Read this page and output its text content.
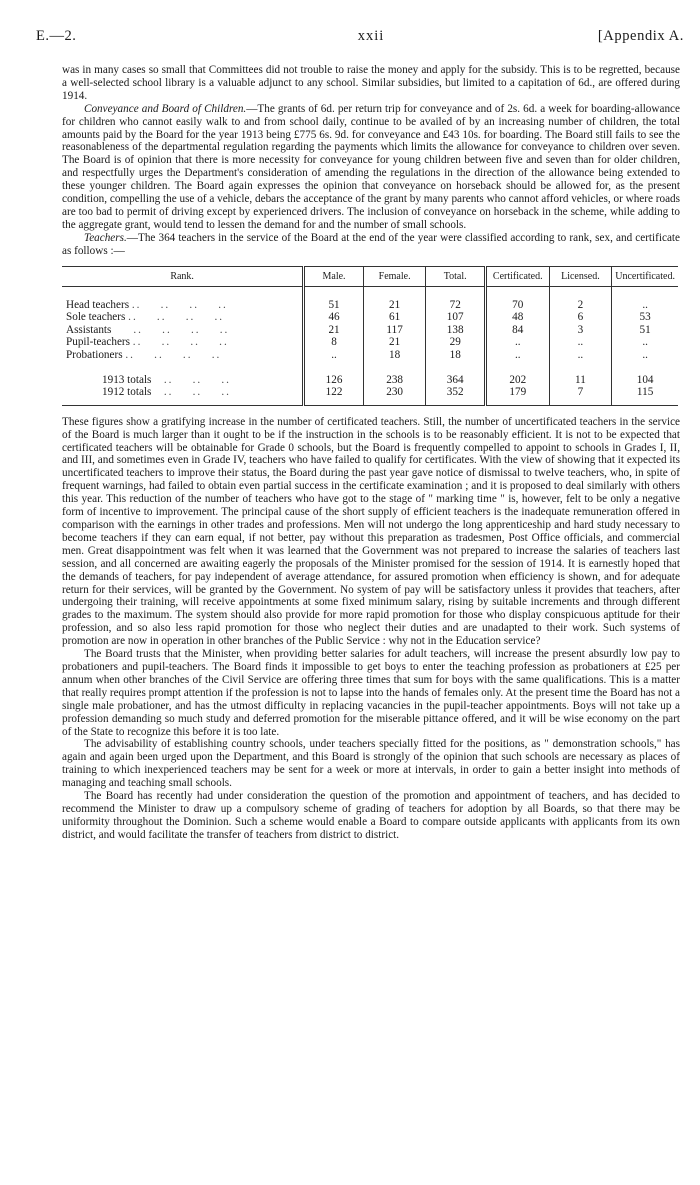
E.—2.	xxii	[Appendix A.

was in many cases so small that Committees did not trouble to raise the money and apply for the subsidy. This is to be regretted, because a well-selected school library is a valuable adjunct to any school. Similar subsidies, but limited to a capitation of 6d., are offered during 1914.

Conveyance and Board of Children.—The grants of 6d. per return trip for conveyance and of 2s. 6d. a week for boarding-allowance for children who cannot easily walk to and from school daily, continue to be availed of by an increasing number of children, the total amounts paid by the Board for the year 1913 being £775 6s. 9d. for conveyance and £43 10s. for boarding. The Board still fails to see the reasonableness of the departmental regulation regarding the payments which limits the allowance for conveyance to children over seven. The Board is of opinion that there is more necessity for conveyance for young children between five and seven than for older children, and respectfully urges the Department's consideration of amending the regulations in the direction of the allowance being extended to these younger children. The Board again expresses the opinion that conveyance on horseback should be allowed for, as the present condition, compelling the use of a vehicle, debars the acceptance of the grant by many parents who cannot afford vehicles, or where roads are too bad to permit of driving except by experienced drivers. The inclusion of conveyance on horseback in the scheme, while adding to the aggregate grant, would tend to lessen the demand for and the number of small schools.

Teachers.—The 364 teachers in the service of the Board at the end of the year were classified according to rank, sex, and certificate as follows :—

Rank.	Male.	Female.	Total.	Certificated.	Licensed.	Uncertificated.

Head teachers ..    ..    ..    ..	51	21	72	70	2	..
Sole teachers ..    ..    ..    ..	46	61	107	48	6	53
Assistants     ..    ..    ..    ..	21	117	138	84	3	51
Pupil-teachers ..    ..    ..    ..	8	21	29	..	..	..
Probationers ..    ..    ..    ..	..	18	18	..	..	..

1913 totals   ..    ..    ..	126	238	364	202	11	104
1912 totals   ..    ..    ..	122	230	352	179	7	115

These figures show a gratifying increase in the number of certificated teachers. Still, the number of uncertificated teachers in the service of the Board is much larger than it ought to be if the instruction in the schools is to be reasonably efficient. It is not to be expected that certificated teachers will be obtainable for Grade 0 schools, but the Board is frequently compelled to appoint to schools in Grades I, II, and III, and sometimes even in Grade IV, teachers who have failed to qualify for certificates. With the view of showing that it expected its uncertificated teachers to improve their status, the Board during the past year gave notice of dismissal to twelve teachers, who, in spite of frequent warnings, had failed to obtain even partial success in the certificate examination ; and it is proposed to deal similarly with others this year. This reduction of the number of teachers who have got to the stage of " marking time " is, however, felt to be only a negative form of incentive to improvement. The principal cause of the short supply of efficient teachers is the inadequate remuneration offered in comparison with the earnings in other trades and professions. Men will not undergo the long apprenticeship and hard study necessary to become teachers if they can earn equal, if not better, pay without this preparation as tradesmen, Post Office officials, and commercial men. Great disappointment was felt when it was learned that the Government was not prepared to increase the salaries of teachers last session, and all concerned are awaiting eagerly the proposals of the Minister promised for the session of 1914. It is earnestly hoped that the demands of teachers, for pay independent of average attendance, for assured promotion when efficiency is shown, and for adequate return for their services, will be granted by the Government. No system of pay will be satisfactory unless it provides that teachers, after undergoing their training, will receive appointments at some fixed minimum salary, rising by suitable increments and through different grades to the maximum. The system should also provide for more rapid promotion for those who display conspicuous aptitude for their profession, and so also less rapid promotion for those who neglect their duties and are unadapted to their work. Such systems of promotion are now in operation in other branches of the Public Service : why not in the Education service?

The Board trusts that the Minister, when providing better salaries for adult teachers, will increase the present absurdly low pay to probationers and pupil-teachers. The Board finds it impossible to get boys to enter the teaching profession as probationers at £25 per annum when other branches of the Civil Service are offering three times that sum for boys with the same qualifications. This is a matter that really requires prompt attention if the profession is not to lapse into the hands of females only. At the present time the Board has not a single male probationer, and has the utmost difficulty in replacing vacancies in the pupil-teacher appointments. Boys will not take up a profession demanding so much study and deferred promotion for the miserable pittance offered, and it will be wise economy on the part of the State to recognize this before it is too late.

The advisability of establishing country schools, under teachers specially fitted for the positions, as " demonstration schools," has again and again been urged upon the Department, and this Board is strongly of the opinion that such schools are necessary as places of training to which inexperienced teachers may be sent for a week or more at intervals, in order to gain a better insight into methods of managing and teaching small schools.

The Board has recently had under consideration the question of the promotion and appointment of teachers, and has decided to recommend the Minister to draw up a compulsory scheme of grading of teachers for adoption by all Boards, so that there may be uniformity throughout the Dominion. Such a scheme would enable a Board to compare outside applicants with applicants from its own district, and would facilitate the transfer of teachers from district to district.
